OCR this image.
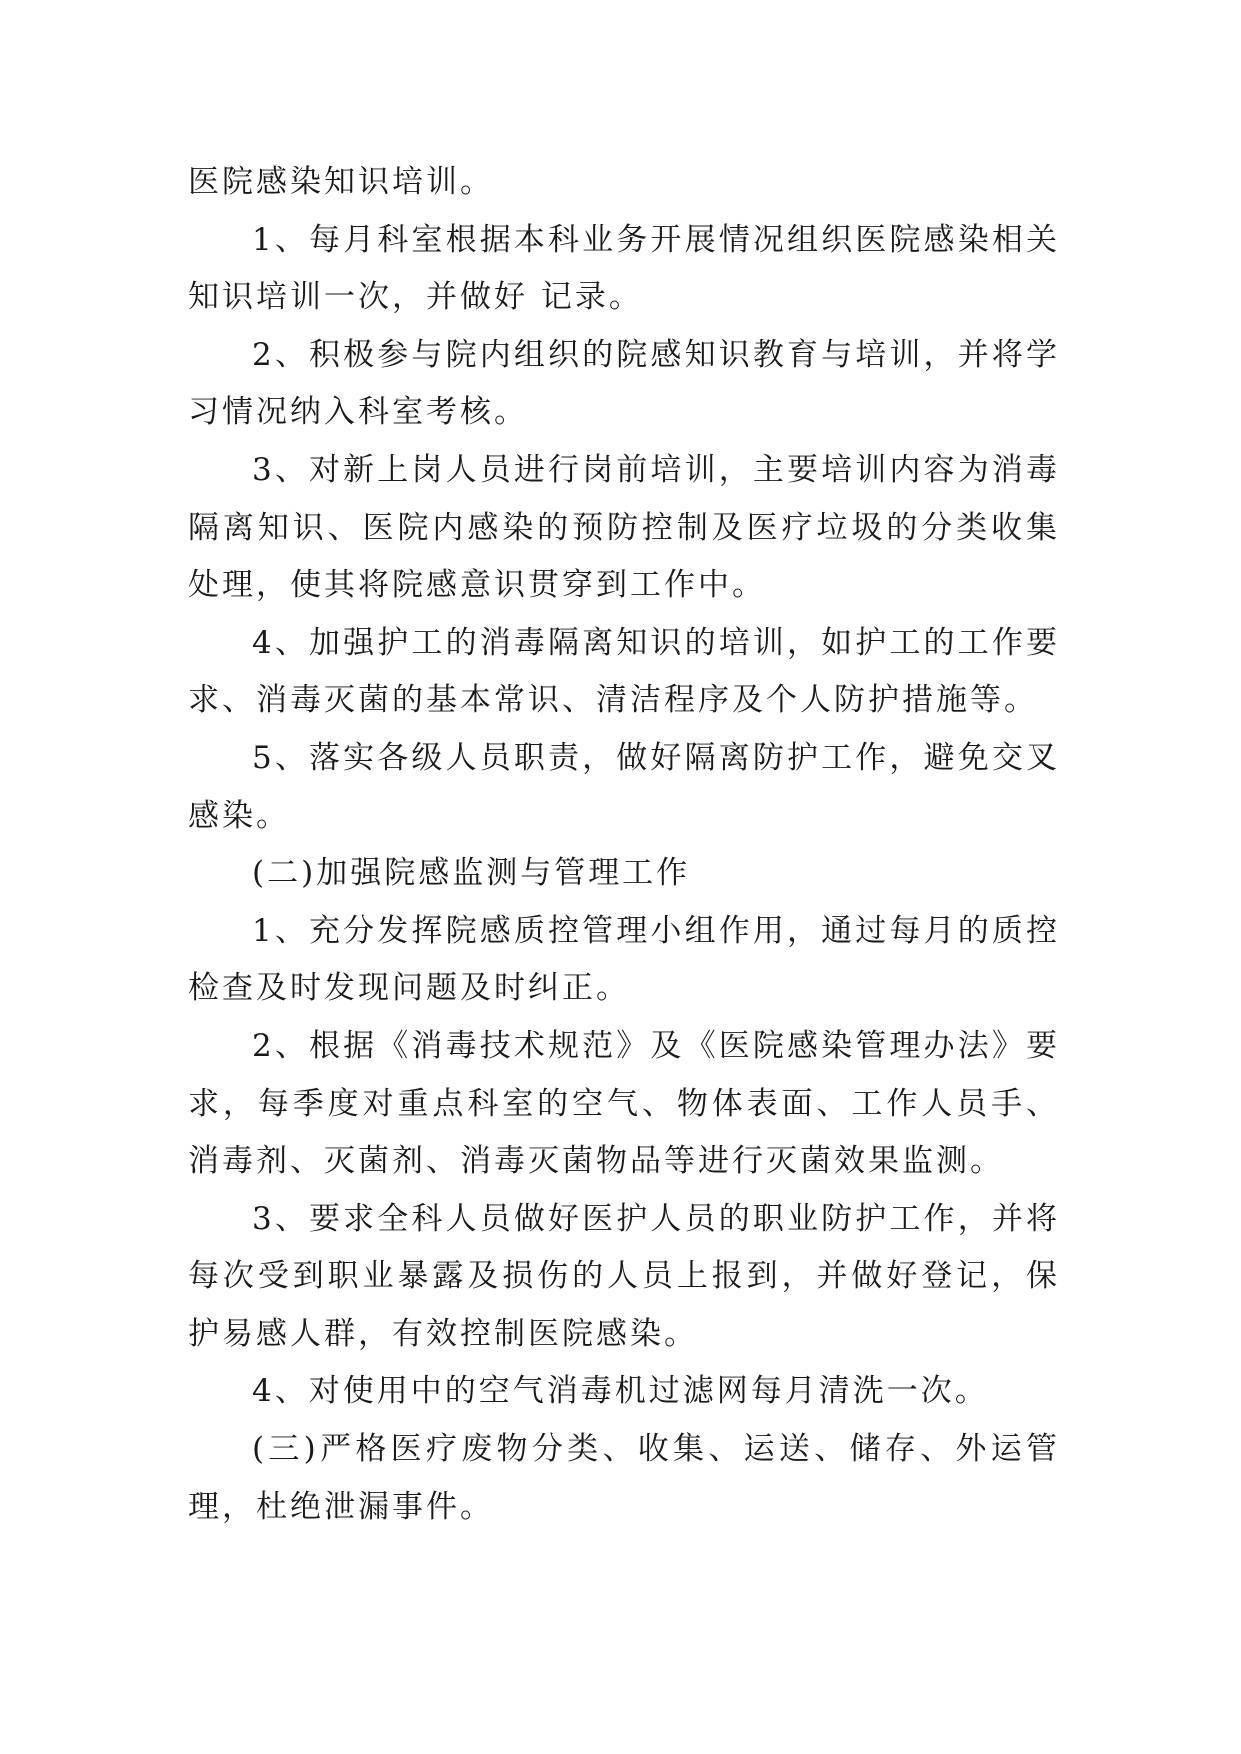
医院感染知识培训。

1、每月科室根据本科业务开展情况组织医院感染相关知识培训一次，并做好 记录。

2、积极参与院内组织的院感知识教育与培训，并将学习情况纳入科室考核。

3、对新上岗人员进行岗前培训，主要培训内容为消毒隔离知识、医院内感染的预防控制及医疗垃圾的分类收集处理，使其将院感意识贯穿到工作中。

4、加强护工的消毒隔离知识的培训，如护工的工作要求、消毒灭菌的基本常识、清洁程序及个人防护措施等。

5、落实各级人员职责，做好隔离防护工作，避免交叉感染。

(二)加强院感监测与管理工作

1、充分发挥院感质控管理小组作用，通过每月的质控检查及时发现问题及时纠正。

2、根据《消毒技术规范》及《医院感染管理办法》要求，每季度对重点科室的空气、物体表面、工作人员手、消毒剂、灭菌剂、消毒灭菌物品等进行灭菌效果监测。

3、要求全科人员做好医护人员的职业防护工作，并将每次受到职业暴露及损伤的人员上报到，并做好登记，保护易感人群，有效控制医院感染。

4、对使用中的空气消毒机过滤网每月清洗一次。

(三)严格医疗废物分类、收集、运送、储存、外运管理，杜绝泄漏事件。
